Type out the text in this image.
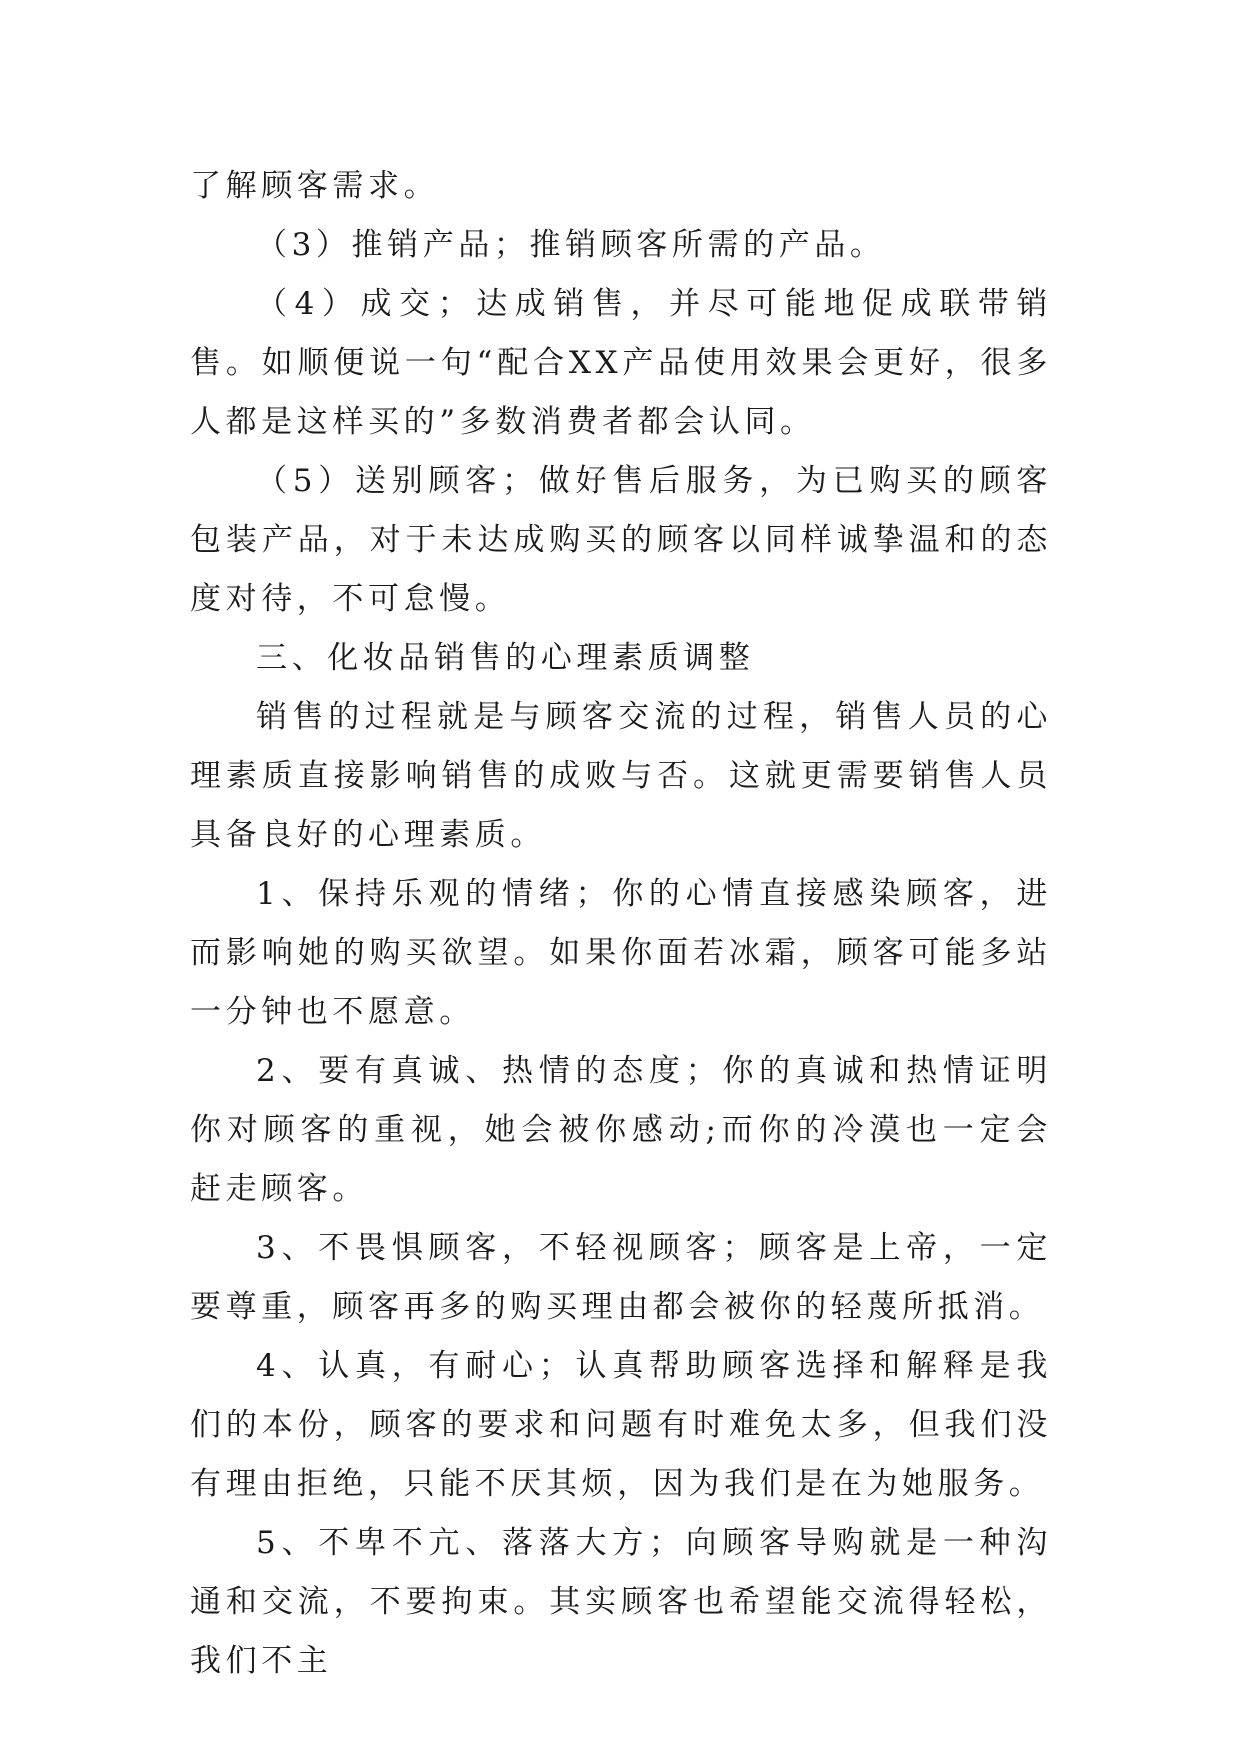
了解顾客需求。

（3）推销产品；推销顾客所需的产品。

（4）成交；达成销售，并尽可能地促成联带销售。如顺便说一句“配合XX产品使用效果会更好，很多人都是这样买的”多数消费者都会认同。

（5）送别顾客；做好售后服务，为已购买的顾客包装产品，对于未达成购买的顾客以同样诚挚温和的态度对待，不可怠慢。

三、化妆品销售的心理素质调整

销售的过程就是与顾客交流的过程，销售人员的心理素质直接影响销售的成败与否。这就更需要销售人员具备良好的心理素质。

1、保持乐观的情绪；你的心情直接感染顾客，进而影响她的购买欲望。如果你面若冰霜，顾客可能多站一分钟也不愿意。

2、要有真诚、热情的态度；你的真诚和热情证明你对顾客的重视，她会被你感动;而你的冷漠也一定会赶走顾客。

3、不畏惧顾客，不轻视顾客；顾客是上帝，一定要尊重，顾客再多的购买理由都会被你的轻蔑所抵消。

4、认真，有耐心；认真帮助顾客选择和解释是我们的本份，顾客的要求和问题有时难免太多，但我们没有理由拒绝，只能不厌其烦，因为我们是在为她服务。

5、不卑不亢、落落大方；向顾客导购就是一种沟通和交流，不要拘束。其实顾客也希望能交流得轻松，我们不主
